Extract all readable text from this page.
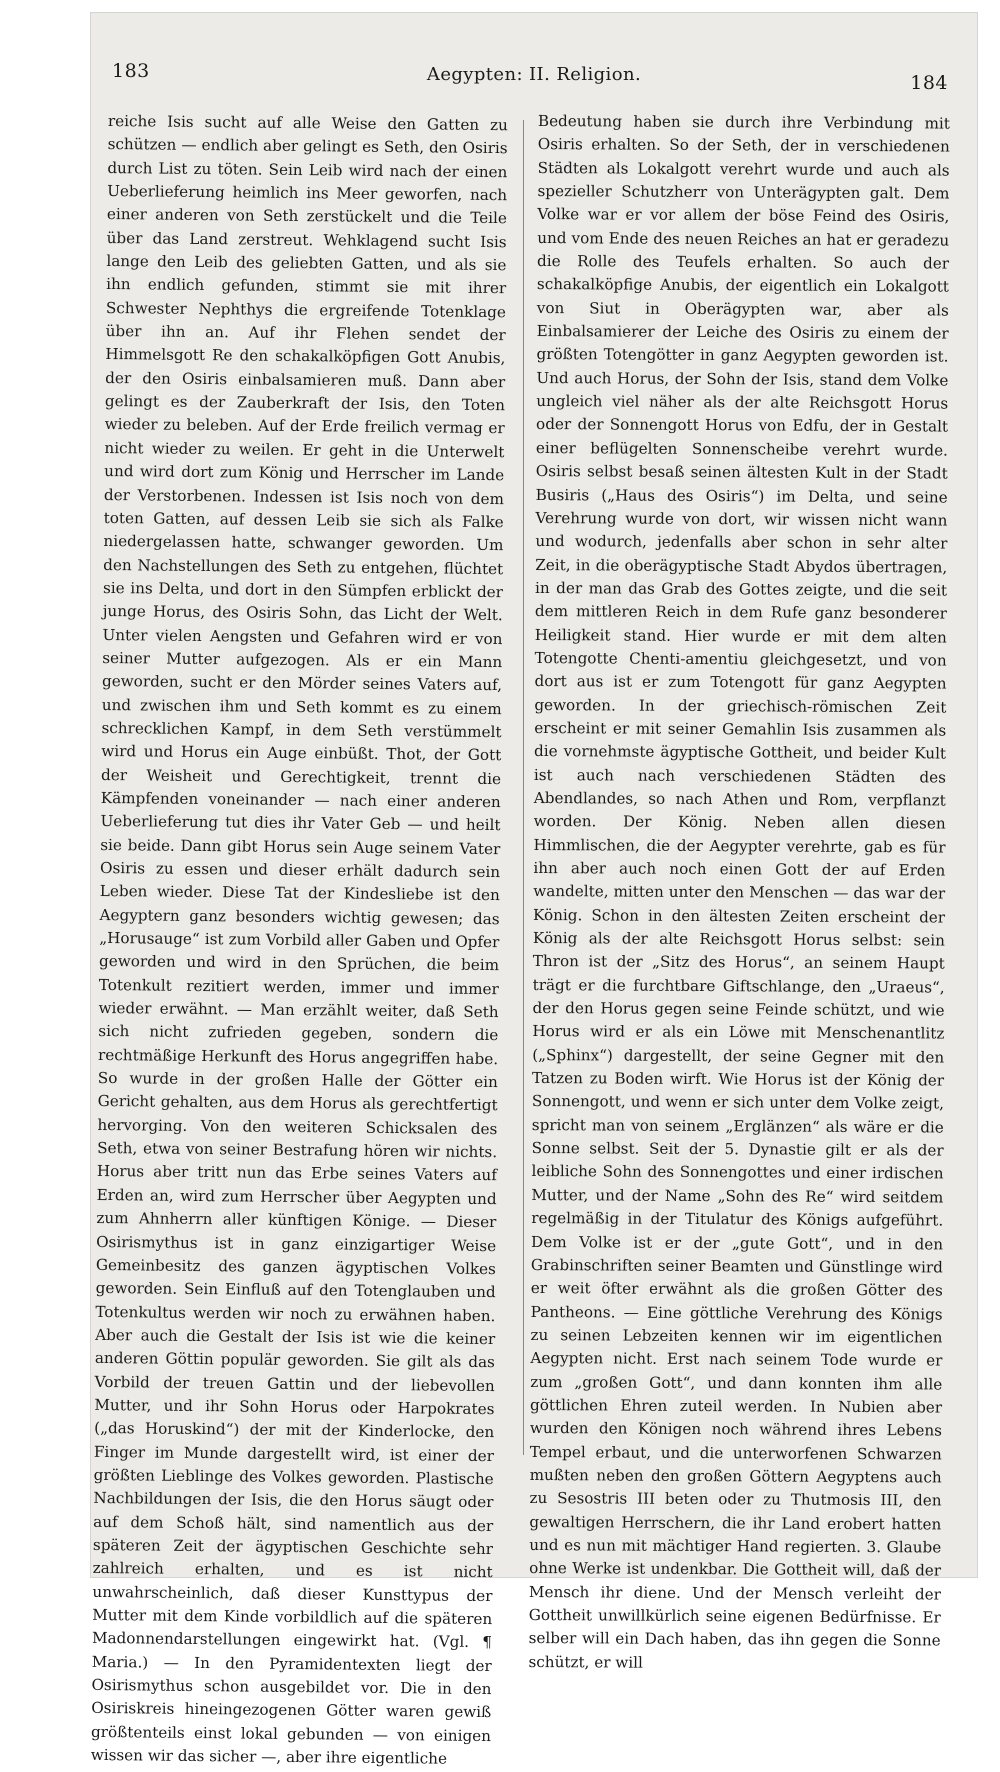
183	Aegypten: II. Religion.	184

reiche Isis sucht auf alle Weise den Gatten zu schützen — endlich aber gelingt es Seth, den Osiris durch List zu töten. Sein Leib wird nach der einen Ueberlieferung heimlich ins Meer geworfen, nach einer anderen von Seth zerstückelt und die Teile über das Land zerstreut. Wehklagend sucht Isis lange den Leib des geliebten Gatten, und als sie ihn endlich gefunden, stimmt sie mit ihrer Schwester Nephthys die ergreifende Totenklage über ihn an. Auf ihr Flehen sendet der Himmelsgott Re den schakalköpfigen Gott Anubis, der den Osiris einbalsamieren muß. Dann aber gelingt es der Zauberkraft der Isis, den Toten wieder zu beleben. Auf der Erde freilich vermag er nicht wieder zu weilen. Er geht in die Unterwelt und wird dort zum König und Herrscher im Lande der Verstorbenen. Indessen ist Isis noch von dem toten Gatten, auf dessen Leib sie sich als Falke niedergelassen hatte, schwanger geworden. Um den Nachstellungen des Seth zu entgehen, flüchtet sie ins Delta, und dort in den Sümpfen erblickt der junge Horus, des Osiris Sohn, das Licht der Welt. Unter vielen Aengsten und Gefahren wird er von seiner Mutter aufgezogen. Als er ein Mann geworden, sucht er den Mörder seines Vaters auf, und zwischen ihm und Seth kommt es zu einem schrecklichen Kampf, in dem Seth verstümmelt wird und Horus ein Auge einbüßt. Thot, der Gott der Weisheit und Gerechtigkeit, trennt die Kämpfenden voneinander — nach einer anderen Ueberlieferung tut dies ihr Vater Geb — und heilt sie beide. Dann gibt Horus sein Auge seinem Vater Osiris zu essen und dieser erhält dadurch sein Leben wieder. Diese Tat der Kindesliebe ist den Aegyptern ganz besonders wichtig gewesen; das „Horusauge“ ist zum Vorbild aller Gaben und Opfer geworden und wird in den Sprüchen, die beim Totenkult rezitiert werden, immer und immer wieder erwähnt. — Man erzählt weiter, daß Seth sich nicht zufrieden gegeben, sondern die rechtmäßige Herkunft des Horus angegriffen habe. So wurde in der großen Halle der Götter ein Gericht gehalten, aus dem Horus als gerechtfertigt hervorging. Von den weiteren Schicksalen des Seth, etwa von seiner Bestrafung hören wir nichts. Horus aber tritt nun das Erbe seines Vaters auf Erden an, wird zum Herrscher über Aegypten und zum Ahnherrn aller künftigen Könige. — Dieser Osirismythus ist in ganz einzigartiger Weise Gemeinbesitz des ganzen ägyptischen Volkes geworden. Sein Einfluß auf den Totenglauben und Totenkultus werden wir noch zu erwähnen haben. Aber auch die Gestalt der Isis ist wie die keiner anderen Göttin populär geworden. Sie gilt als das Vorbild der treuen Gattin und der liebevollen Mutter, und ihr Sohn Horus oder Harpokrates („das Horuskind“) der mit der Kinderlocke, den Finger im Munde dargestellt wird, ist einer der größten Lieblinge des Volkes geworden. Plastische Nachbildungen der Isis, die den Horus säugt oder auf dem Schoß hält, sind namentlich aus der späteren Zeit der ägyptischen Geschichte sehr zahlreich erhalten, und es ist nicht unwahrscheinlich, daß dieser Kunsttypus der Mutter mit dem Kinde vorbildlich auf die späteren Madonnendarstellungen eingewirkt hat. (Vgl. ¶ Maria.) — In den Pyramidentexten liegt der Osirismythus schon ausgebildet vor. Die in den Osiriskreis hineingezogenen Götter waren gewiß größtenteils einst lokal gebunden — von einigen wissen wir das sicher —, aber ihre eigentliche

Bedeutung haben sie durch ihre Verbindung mit Osiris erhalten. So der Seth, der in verschiedenen Städten als Lokalgott verehrt wurde und auch als spezieller Schutzherr von Unterägypten galt. Dem Volke war er vor allem der böse Feind des Osiris, und vom Ende des neuen Reiches an hat er geradezu die Rolle des Teufels erhalten. So auch der schakalköpfige Anubis, der eigentlich ein Lokalgott von Siut in Oberägypten war, aber als Einbalsamierer der Leiche des Osiris zu einem der größten Totengötter in ganz Aegypten geworden ist. Und auch Horus, der Sohn der Isis, stand dem Volke ungleich viel näher als der alte Reichsgott Horus oder der Sonnengott Horus von Edfu, der in Gestalt einer beflügelten Sonnenscheibe verehrt wurde. Osiris selbst besaß seinen ältesten Kult in der Stadt Busiris („Haus des Osiris“) im Delta, und seine Verehrung wurde von dort, wir wissen nicht wann und wodurch, jedenfalls aber schon in sehr alter Zeit, in die oberägyptische Stadt Abydos übertragen, in der man das Grab des Gottes zeigte, und die seit dem mittleren Reich in dem Rufe ganz besonderer Heiligkeit stand. Hier wurde er mit dem alten Totengotte Chenti-amentiu gleichgesetzt, und von dort aus ist er zum Totengott für ganz Aegypten geworden. In der griechisch-römischen Zeit erscheint er mit seiner Gemahlin Isis zusammen als die vornehmste ägyptische Gottheit, und beider Kult ist auch nach verschiedenen Städten des Abendlandes, so nach Athen und Rom, verpflanzt worden. Der König. Neben allen diesen Himmlischen, die der Aegypter verehrte, gab es für ihn aber auch noch einen Gott der auf Erden wandelte, mitten unter den Menschen — das war der König. Schon in den ältesten Zeiten erscheint der König als der alte Reichsgott Horus selbst: sein Thron ist der „Sitz des Horus“, an seinem Haupt trägt er die furchtbare Giftschlange, den „Uraeus“, der den Horus gegen seine Feinde schützt, und wie Horus wird er als ein Löwe mit Menschenantlitz („Sphinx“) dargestellt, der seine Gegner mit den Tatzen zu Boden wirft. Wie Horus ist der König der Sonnengott, und wenn er sich unter dem Volke zeigt, spricht man von seinem „Erglänzen“ als wäre er die Sonne selbst. Seit der 5. Dynastie gilt er als der leibliche Sohn des Sonnengottes und einer irdischen Mutter, und der Name „Sohn des Re“ wird seitdem regelmäßig in der Titulatur des Königs aufgeführt. Dem Volke ist er der „gute Gott“, und in den Grabinschriften seiner Beamten und Günstlinge wird er weit öfter erwähnt als die großen Götter des Pantheons. — Eine göttliche Verehrung des Königs zu seinen Lebzeiten kennen wir im eigentlichen Aegypten nicht. Erst nach seinem Tode wurde er zum „großen Gott“, und dann konnten ihm alle göttlichen Ehren zuteil werden. In Nubien aber wurden den Königen noch während ihres Lebens Tempel erbaut, und die unterworfenen Schwarzen mußten neben den großen Göttern Aegyptens auch zu Sesostris III beten oder zu Thutmosis III, den gewaltigen Herrschern, die ihr Land erobert hatten und es nun mit mächtiger Hand regierten. 3. Glaube ohne Werke ist undenkbar. Die Gottheit will, daß der Mensch ihr diene. Und der Mensch verleiht der Gottheit unwillkürlich seine eigenen Bedürfnisse. Er selber will ein Dach haben, das ihn gegen die Sonne schützt, er will
